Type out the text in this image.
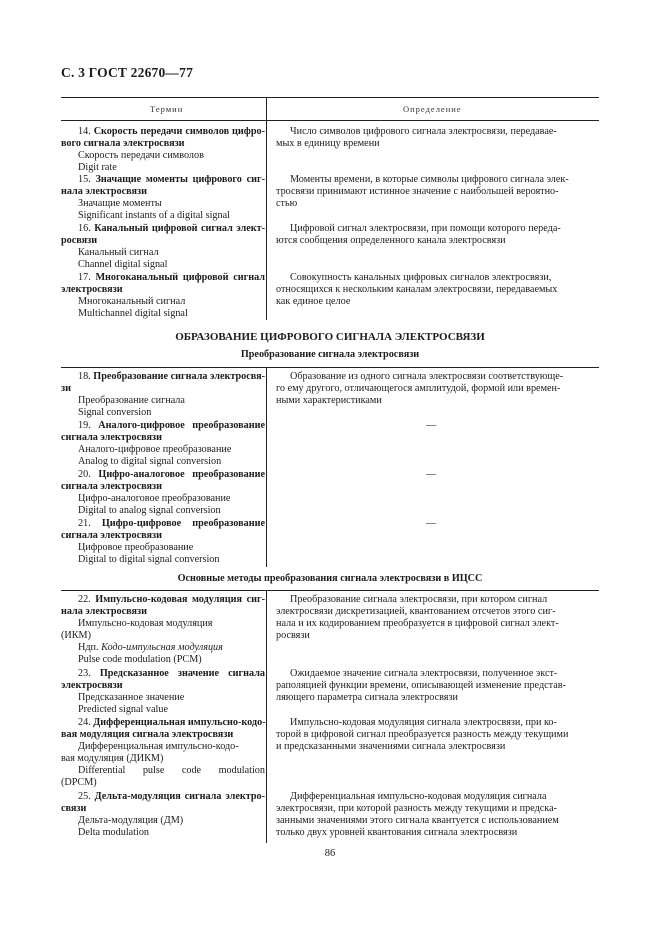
С. 3 ГОСТ 22670—77
Термин	Определение
14. Скорость передачи символов цифро-
вого сигнала электросвязи
Скорость передачи символов
Digit rate
Число символов цифрового сигнала электросвязи, передавае-
мых в единицу времени
15. Значащие моменты цифрового сиг-
нала электросвязи
Значащие моменты
Significant instants of a digital signal
Моменты времени, в которые символы цифрового сигнала элек-
тросвязи принимают истинное значение с наибольшей вероятно-
стью
16. Канальный цифровой сигнал элект-
росвязи
Канальный сигнал
Channel digital signal
Цифровой сигнал электросвязи, при помощи которого переда-
ются сообщения определенного канала электросвязи
17. Многоканальный цифровой сигнал
электросвязи
Многоканальный сигнал
Multichannel digital signal
Совокупность канальных цифровых сигналов электросвязи,
относящихся к нескольким каналам электросвязи, передаваемых
как единое целое
ОБРАЗОВАНИЕ ЦИФРОВОГО СИГНАЛА ЭЛЕКТРОСВЯЗИ
Преобразование сигнала электросвязи
18. Преобразование сигнала электросвя-
зи
Преобразование сигнала
Signal conversion
Образование из одного сигнала электросвязи соответствующе-
го ему другого, отличающегося амплитудой, формой или времен-
ными характеристиками
19. Аналого-цифровое преобразование
сигнала электросвязи
Аналого-цифровое преобразование
Analog to digital signal conversion
—
20. Цифро-аналоговое преобразование
сигнала электросвязи
Цифро-аналоговое преобразование
Digital to analog signal conversion
—
21. Цифро-цифровое преобразование
сигнала электросвязи
Цифровое преобразование
Digital to digital signal conversion
—
Основные методы преобразования сигнала электросвязи в ИЦСС
22. Импульсно-кодовая модуляция сиг-
нала электросвязи
Импульсно-кодовая модуляция
(ИКМ)
Ндп. Кодо-импульсная модуляция
Pulse code modulation (PCM)
Преобразование сигнала электросвязи, при котором сигнал
электросвязи дискретизацией, квантованием отсчетов этого сиг-
нала и их кодированием преобразуется в цифровой сигнал элект-
росвязи
23. Предсказанное значение сигнала
электросвязи
Предсказанное значение
Predicted signal value
Ожидаемое значение сигнала электросвязи, полученное экст-
раполяцией функции времени, описывающей изменение представ-
ляющего параметра сигнала электросвязи
24. Дифференциальная импульсно-кодо-
вая модуляция сигнала электросвязи
Дифференциальная импульсно-кодо-
вая модуляция (ДИКМ)
Differential pulse code modulation
(DPCM)
Импульсно-кодовая модуляция сигнала электросвязи, при ко-
торой в цифровой сигнал преобразуется разность между текущими
и предсказанными значениями сигнала электросвязи
25. Дельта-модуляция сигнала электро-
связи
Дельта-модуляция (ДМ)
Delta modulation
Дифференциальная импульсно-кодовая модуляция сигнала
электросвязи, при которой разность между текущими и предска-
занными значениями этого сигнала квантуется с использованием
только двух уровней квантования сигнала электросвязи
86
